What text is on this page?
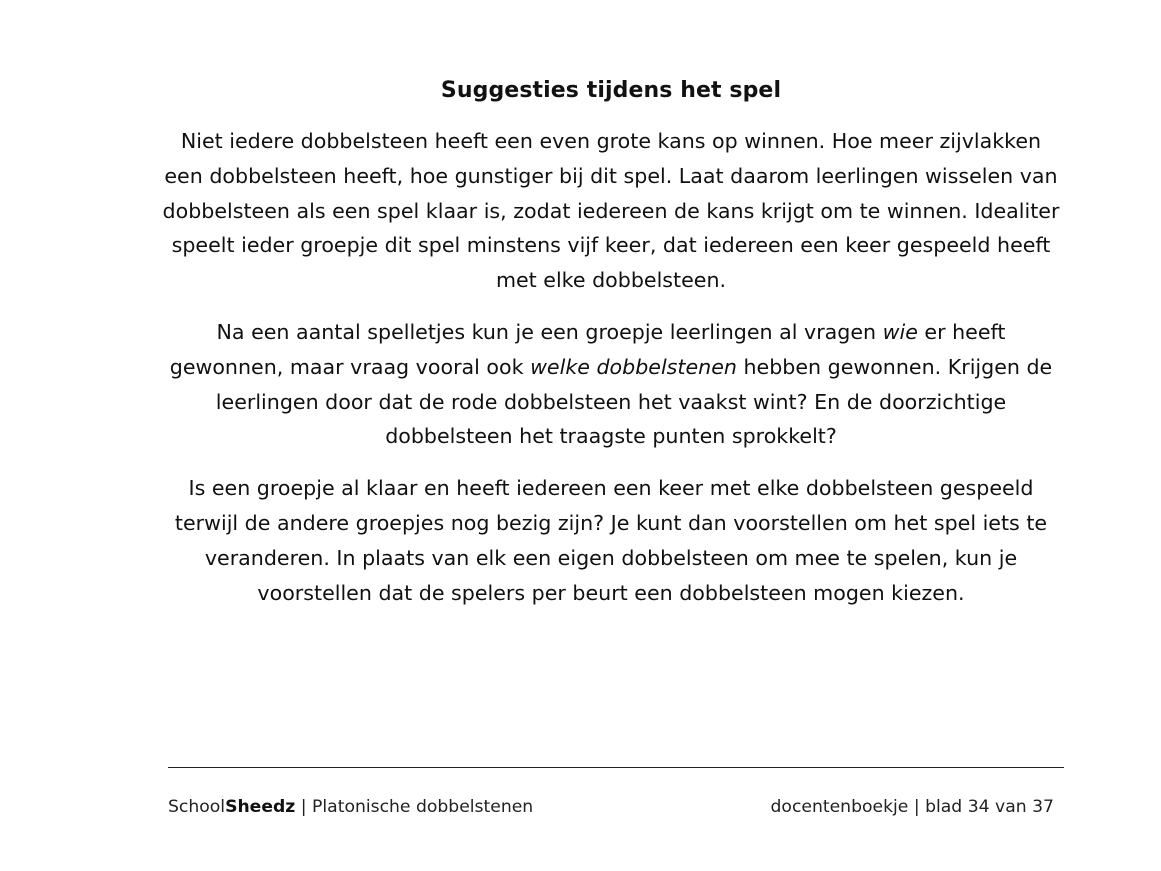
Suggesties tijdens het spel

Niet iedere dobbelsteen heeft een even grote kans op winnen. Hoe meer zijvlakken een dobbelsteen heeft, hoe gunstiger bij dit spel. Laat daarom leerlingen wisselen van dobbelsteen als een spel klaar is, zodat iedereen de kans krijgt om te winnen. Idealiter speelt ieder groepje dit spel minstens vijf keer, dat iedereen een keer gespeeld heeft met elke dobbelsteen.

Na een aantal spelletjes kun je een groepje leerlingen al vragen wie er heeft gewonnen, maar vraag vooral ook welke dobbelstenen hebben gewonnen. Krijgen de leerlingen door dat de rode dobbelsteen het vaakst wint? En de doorzichtige dobbelsteen het traagste punten sprokkelt?

Is een groepje al klaar en heeft iedereen een keer met elke dobbelsteen gespeeld terwijl de andere groepjes nog bezig zijn? Je kunt dan voorstellen om het spel iets te veranderen. In plaats van elk een eigen dobbelsteen om mee te spelen, kun je voorstellen dat de spelers per beurt een dobbelsteen mogen kiezen.

SchoolSheedz | Platonische dobbelstenen	docentenboekje | blad 34 van 37
